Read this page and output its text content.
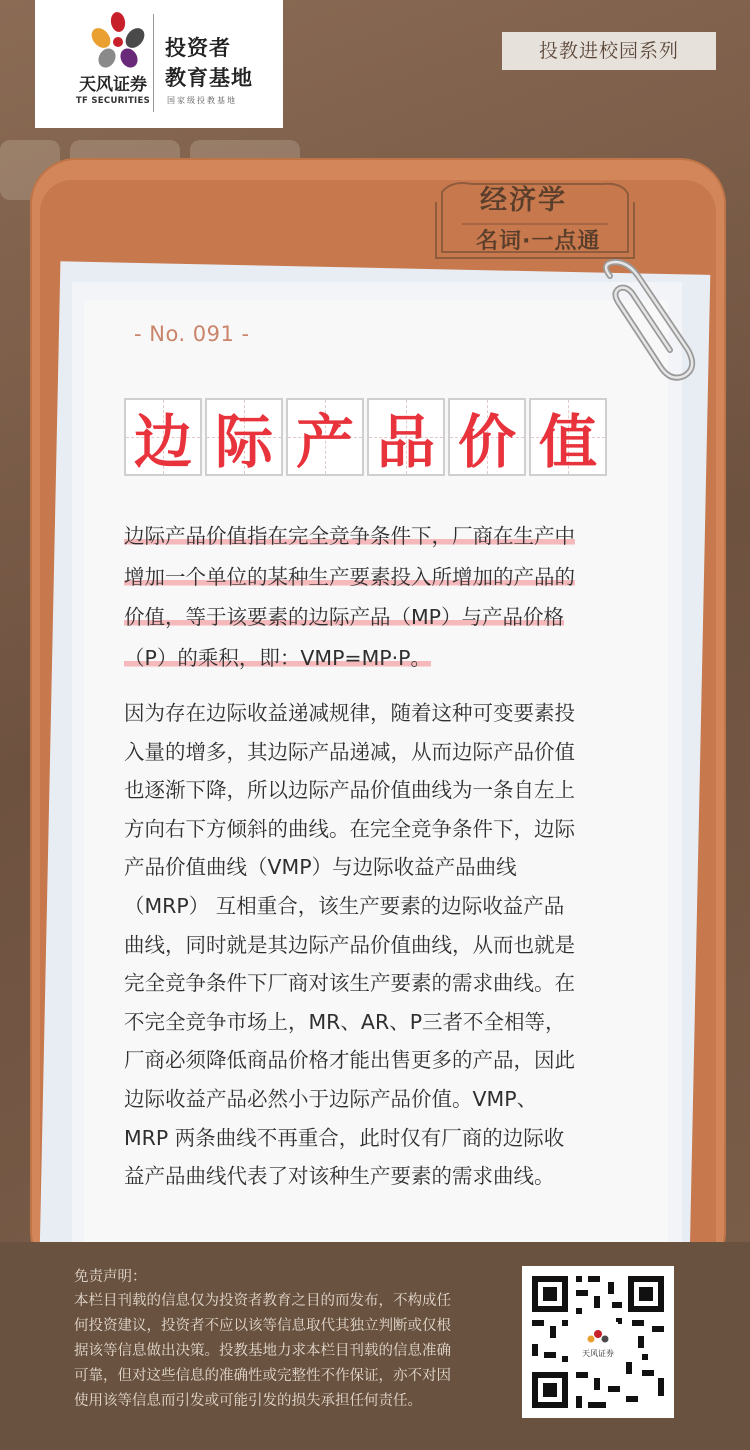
天风证券
TF SECURITIES
投资者
教育基地
国家级投教基地
投教进校园系列
经济学
名词·一点通
- No. 091 -
边 际 产 品 价 值
边际产品价值指在完全竞争条件下，厂商在生产中
增加一个单位的某种生产要素投入所增加的产品的
价值，等于该要素的边际产品（MP）与产品价格
（P）的乘积，即：VMP=MP·P。
因为存在边际收益递减规律，随着这种可变要素投
入量的增多，其边际产品递减，从而边际产品价值
也逐渐下降，所以边际产品价值曲线为一条自左上
方向右下方倾斜的曲线。在完全竞争条件下，边际
产品价值曲线（VMP）与边际收益产品曲线
（MRP） 互相重合，该生产要素的边际收益产品
曲线，同时就是其边际产品价值曲线，从而也就是
完全竞争条件下厂商对该生产要素的需求曲线。在
不完全竞争市场上，MR、AR、P三者不全相等，
厂商必须降低商品价格才能出售更多的产品，因此
边际收益产品必然小于边际产品价值。VMP、
MRP 两条曲线不再重合，此时仅有厂商的边际收
益产品曲线代表了对该种生产要素的需求曲线。
免责声明：
本栏目刊载的信息仅为投资者教育之目的而发布，不构成任
何投资建议，投资者不应以该等信息取代其独立判断或仅根
据该等信息做出决策。投教基地力求本栏目刊载的信息准确
可靠，但对这些信息的准确性或完整性不作保证，亦不对因
使用该等信息而引发或可能引发的损失承担任何责任。
天风证券
